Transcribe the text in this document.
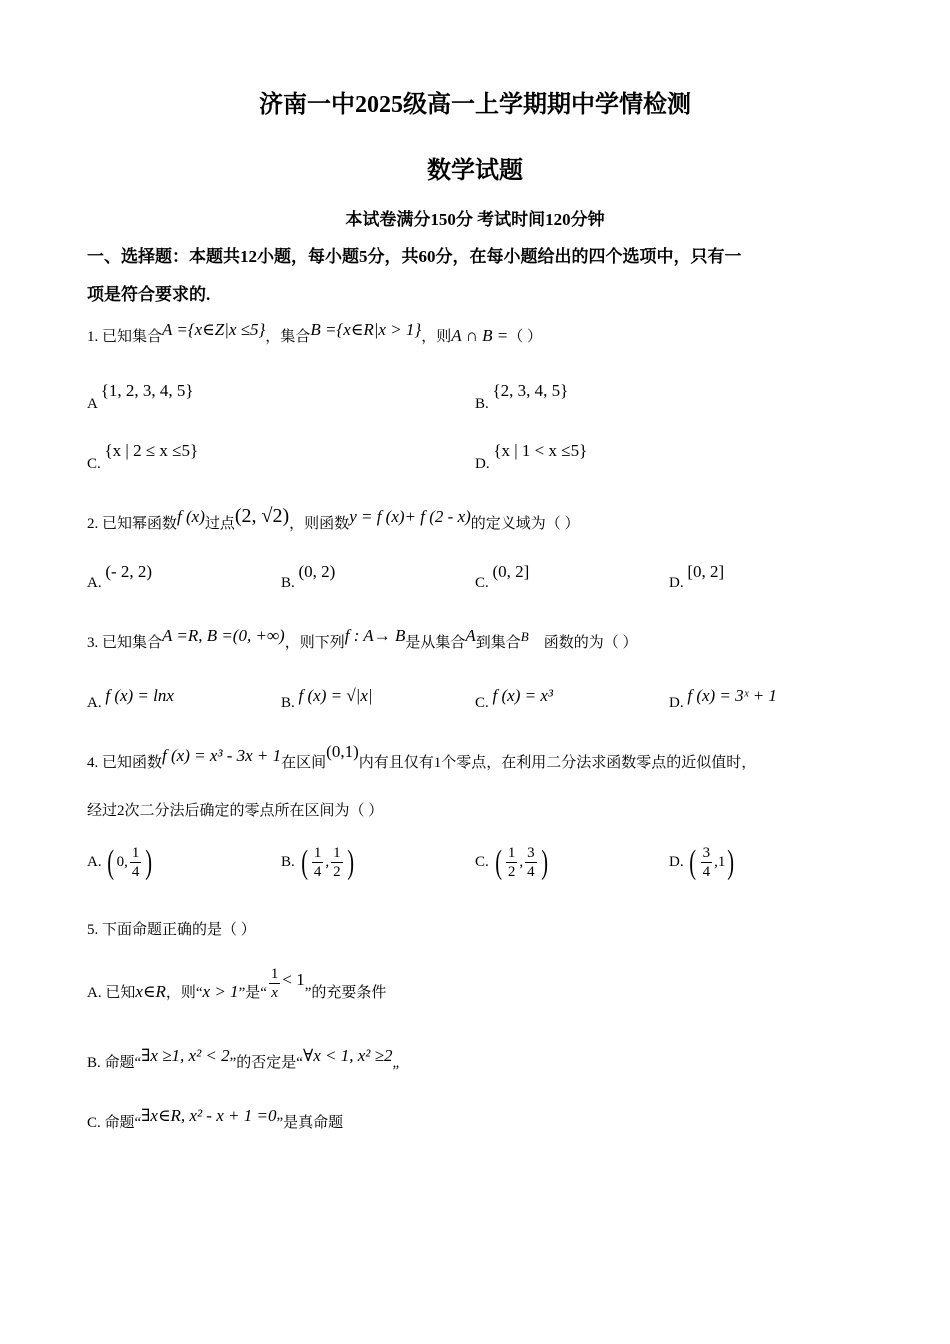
济南一中2025级高一上学期期中学情检测
数学试题
本试卷满分150分 考试时间120分钟
一、选择题：本题共12小题，每小题5分，共60分，在每小题给出的四个选项中，只有一
项是符合要求的.
1. 已知集合A ={x∈Z|x ≤5}，集合B ={x∈R|x > 1}，则A ∩ B =（ ）
A {1, 2, 3, 4, 5}
B. {2, 3, 4, 5}
C. {x | 2 ≤ x ≤5}
D. {x | 1 < x ≤5}
2. 已知幂函数f (x)过点(2, √2)，则函数y = f (x)+ f (2 - x)的定义域为（ ）
A. (- 2, 2)
B. (0, 2)
C. (0, 2]
D. [0, 2]
3. 已知集合A =R, B =(0, +∞)，则下列f : A→ B是从集合A到集合B 函数的为（ ）
A. f (x) = lnx	B. f (x) = √|x|	C. f (x) = x³	D. f (x) = 3ˣ + 1
4. 已知函数f (x) = x³ - 3x + 1在区间(0,1)内有且仅有1个零点，在利用二分法求函数零点的近似值时，
经过2次二分法后确定的零点所在区间为（ ）
A. ( 0, $\frac{1}{4}$ )	B. ( $\frac{1}{4}$ , $\frac{1}{2}$ )	C. ( $\frac{1}{2}$ , $\frac{3}{4}$ )	D. ( $\frac{3}{4} ,1$)
5. 下面命题正确的是（ ）
A. 已知x∈R，则“x > 1”是“ $\frac{1}{x} < 1$”的充要条件
B. 命题“∃x ≥1, x² < 2”的否定是“∀x < 1, x² ≥2„
C. 命题“∃x∈R, x² - x + 1 =0”是真命题
